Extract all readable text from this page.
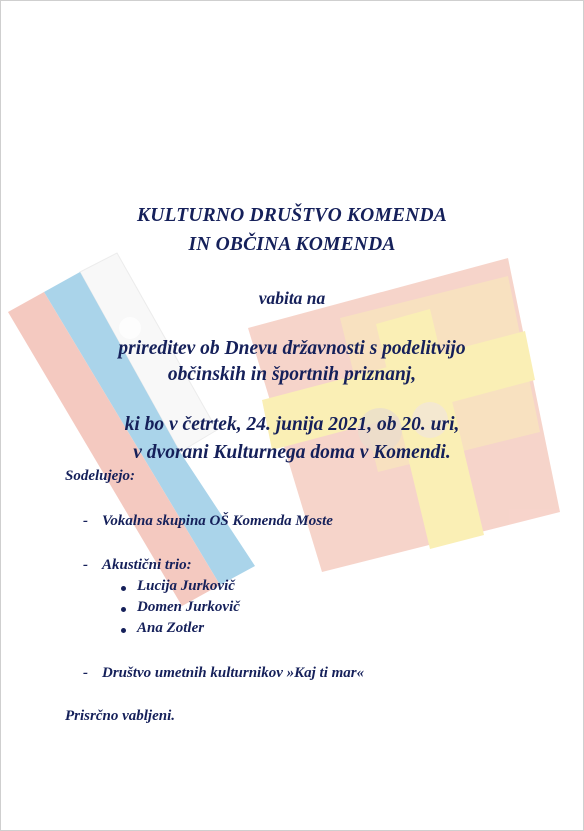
KULTURNO DRUŠTVO KOMENDA
IN OBČINA KOMENDA
vabita na
prireditev ob Dnevu državnosti s podelitvijo
občinskih in športnih priznanj,
ki bo v četrtek, 24. junija 2021, ob 20. uri,
v dvorani Kulturnega doma v Komendi.
Sodelujejo:
- Vokalna skupina OŠ Komenda Moste
- Akustični trio:
Lucija Jurkovič
Domen Jurkovič
Ana Zotler
- Društvo umetnih kulturnikov »Kaj ti mar«
Prisrčno vabljeni.
